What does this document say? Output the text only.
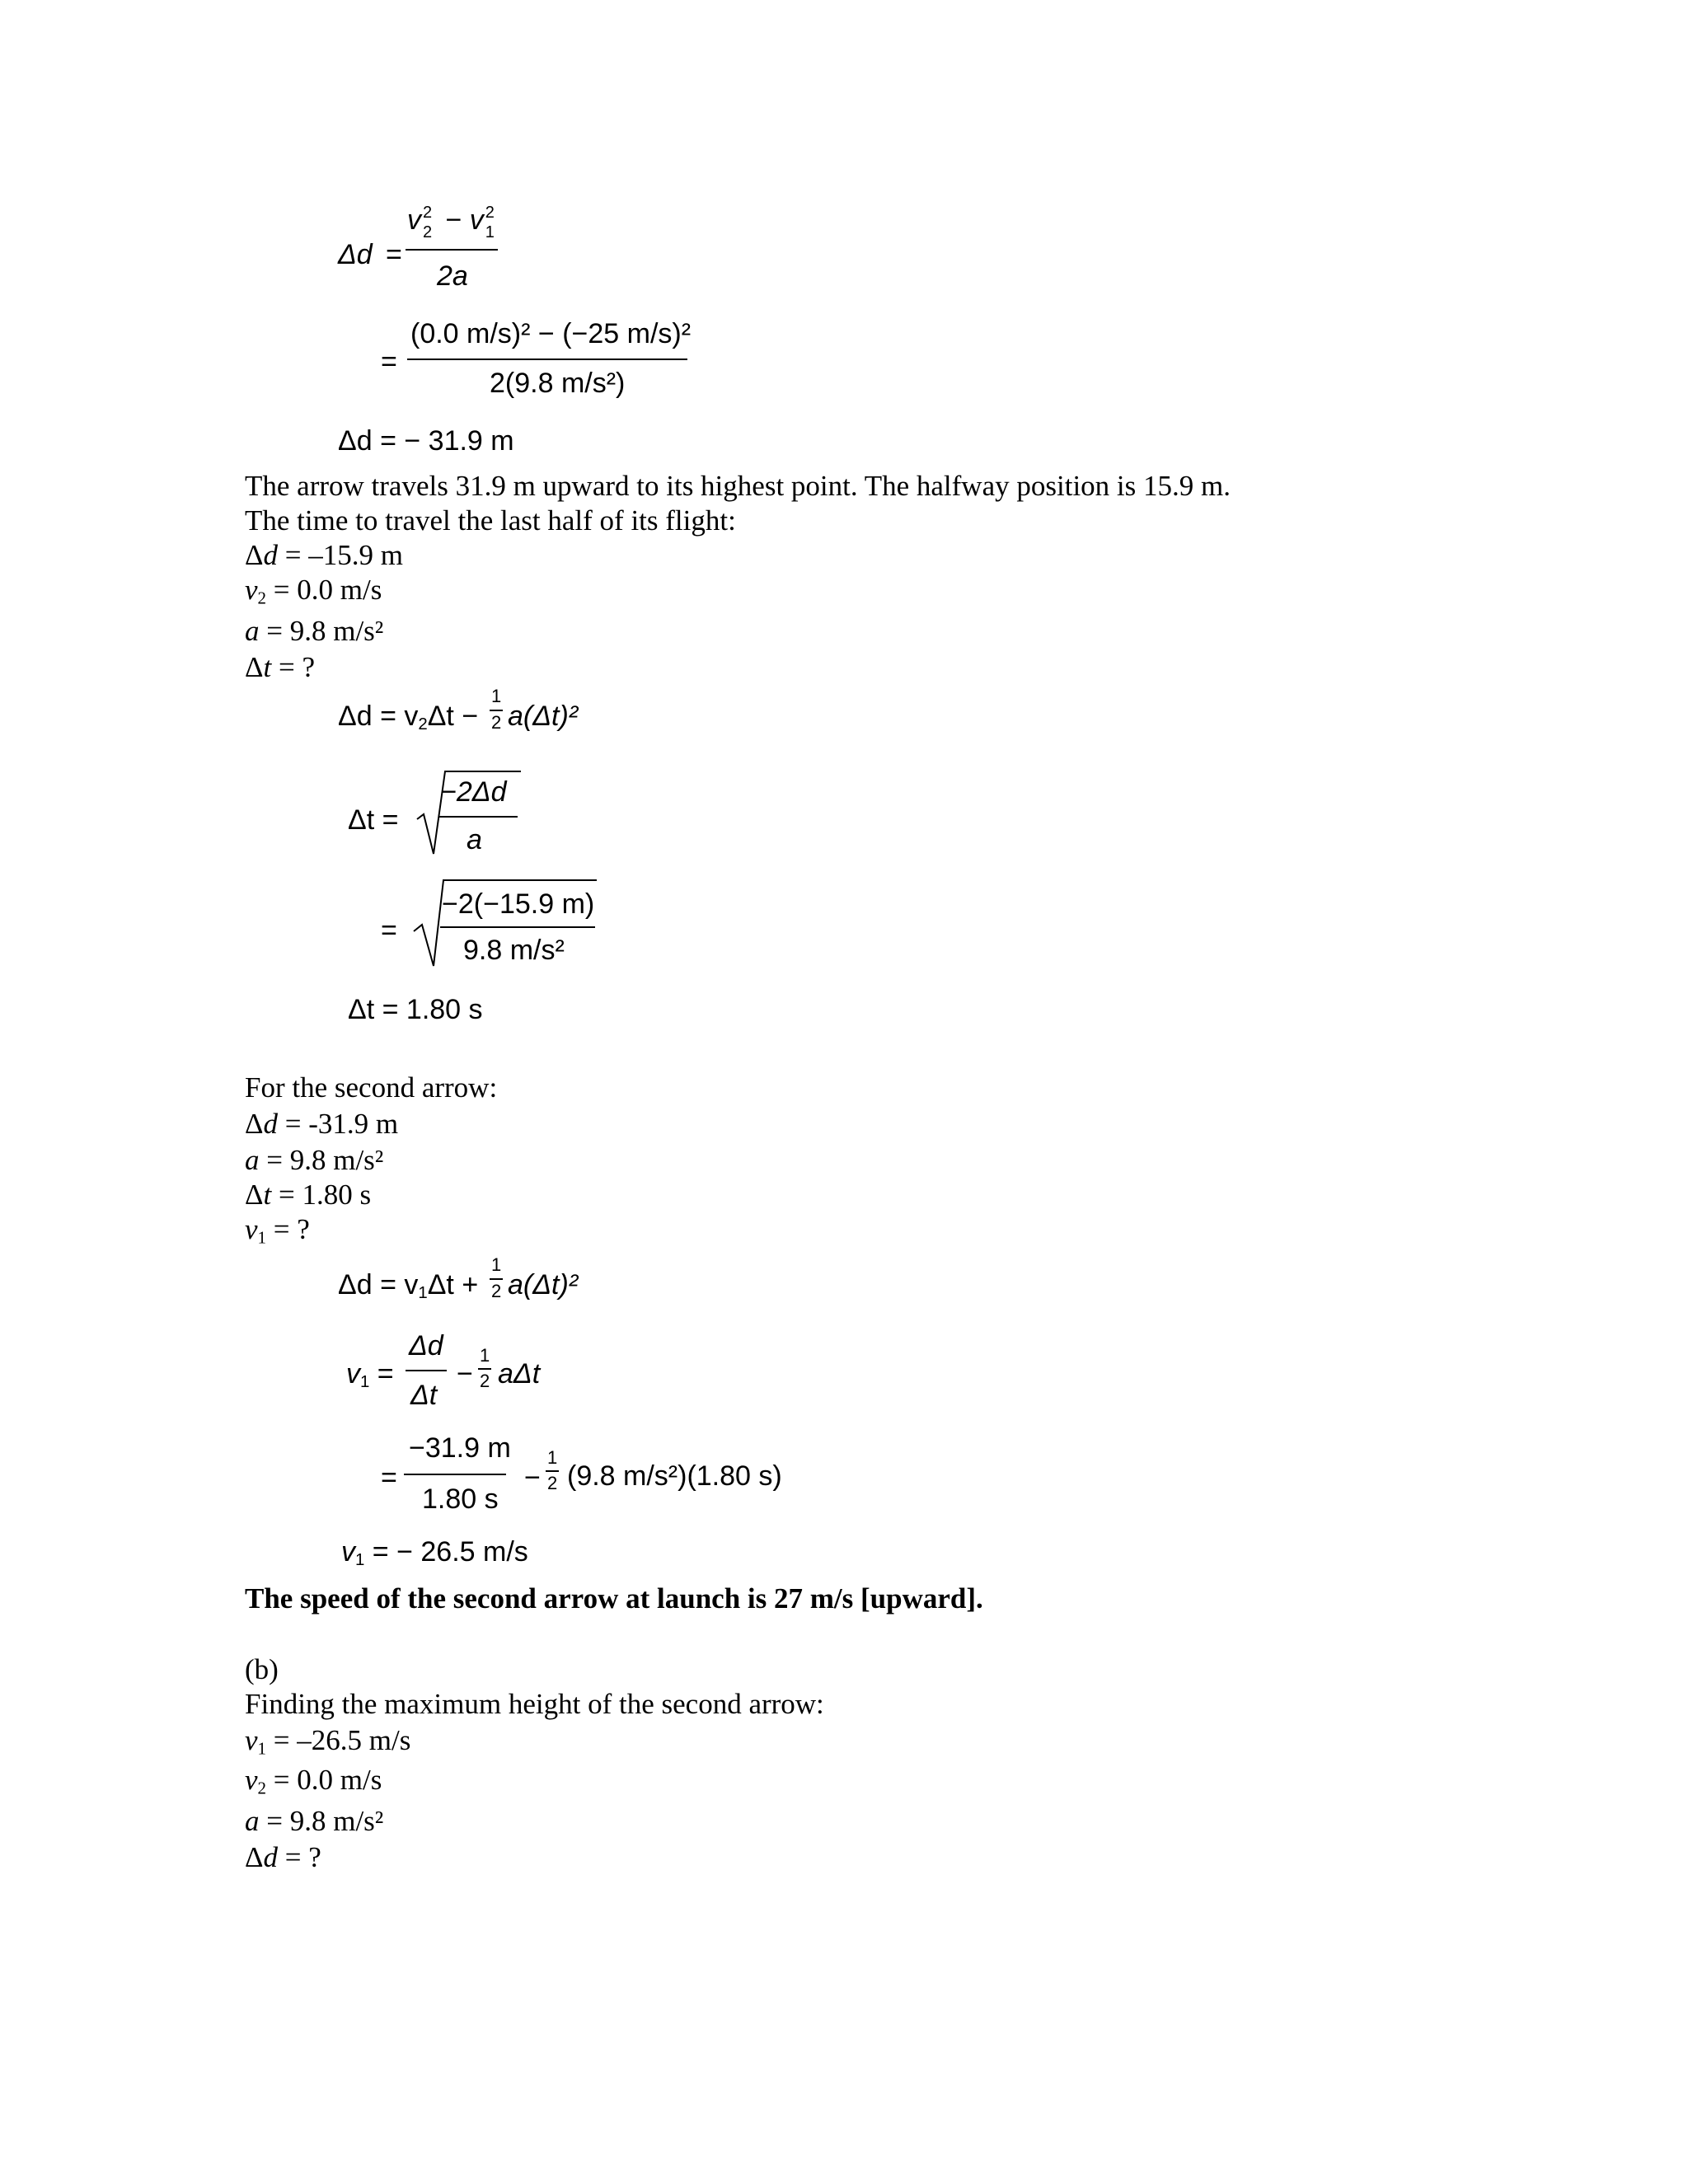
Δd =
v 2
2 − v 2
1
2a
=
(0.0 m/s)² − (−25 m/s)²
2(9.8 m/s²)
Δd = − 31.9 m
The arrow travels 31.9 m upward to its highest point. The halfway position is 15.9 m.
The time to travel the last half of its flight:
Δd = –15.9 m
$v_2 = 0.0$ m/s
a = 9.8 m/s²
Δt = ?
$\Delta d = v_2\Delta t$ −
1
2 a(Δt)²
Δt =
−2Δd
a
=
−2(−15.9 m)
9.8 m/s²
Δt = 1.80 s
For the second arrow:
Δd = -31.9 m
a = 9.8 m/s²
Δt = 1.80 s
$v_1$ = ?
$\Delta d = v_1\Delta t$ +
1
2 a(Δt)²
$v_1$ =
Δd
Δt
−
1
2 aΔt
=
−31.9 m
1.80 s
−
1
2 (9.8 m/s²)(1.80 s)
$v_1$ = − 26.5 m/s
The speed of the second arrow at launch is 27 m/s [upward].
(b)
Finding the maximum height of the second arrow:
$v_1 = -26.5$ m/s
$v_2 = 0.0$ m/s
a = 9.8 m/s²
Δd = ?
